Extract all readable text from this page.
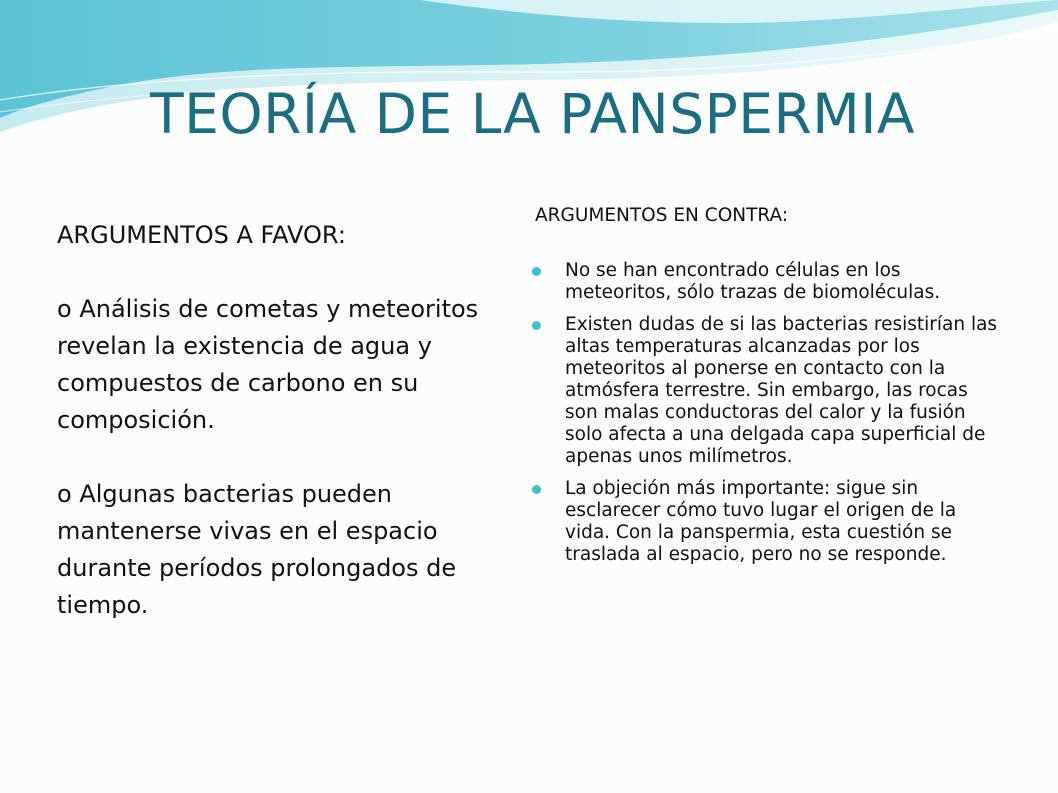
TEORÍA DE LA PANSPERMIA

ARGUMENTOS A FAVOR:

o Análisis de cometas y meteoritos revelan la existencia de agua y compuestos de carbono en su composición.

o Algunas bacterias pueden mantenerse vivas en el espacio durante períodos prolongados de tiempo.

ARGUMENTOS EN CONTRA:

No se han encontrado células en los meteoritos, sólo trazas de biomoléculas.
Existen dudas de si las bacterias resistirían las altas temperaturas alcanzadas por los meteoritos al ponerse en contacto con la atmósfera terrestre. Sin embargo, las rocas son malas conductoras del calor y la fusión solo afecta a una delgada capa superficial de apenas unos milímetros.
La objeción más importante: sigue sin esclarecer cómo tuvo lugar el origen de la vida. Con la panspermia, esta cuestión se traslada al espacio, pero no se responde.
